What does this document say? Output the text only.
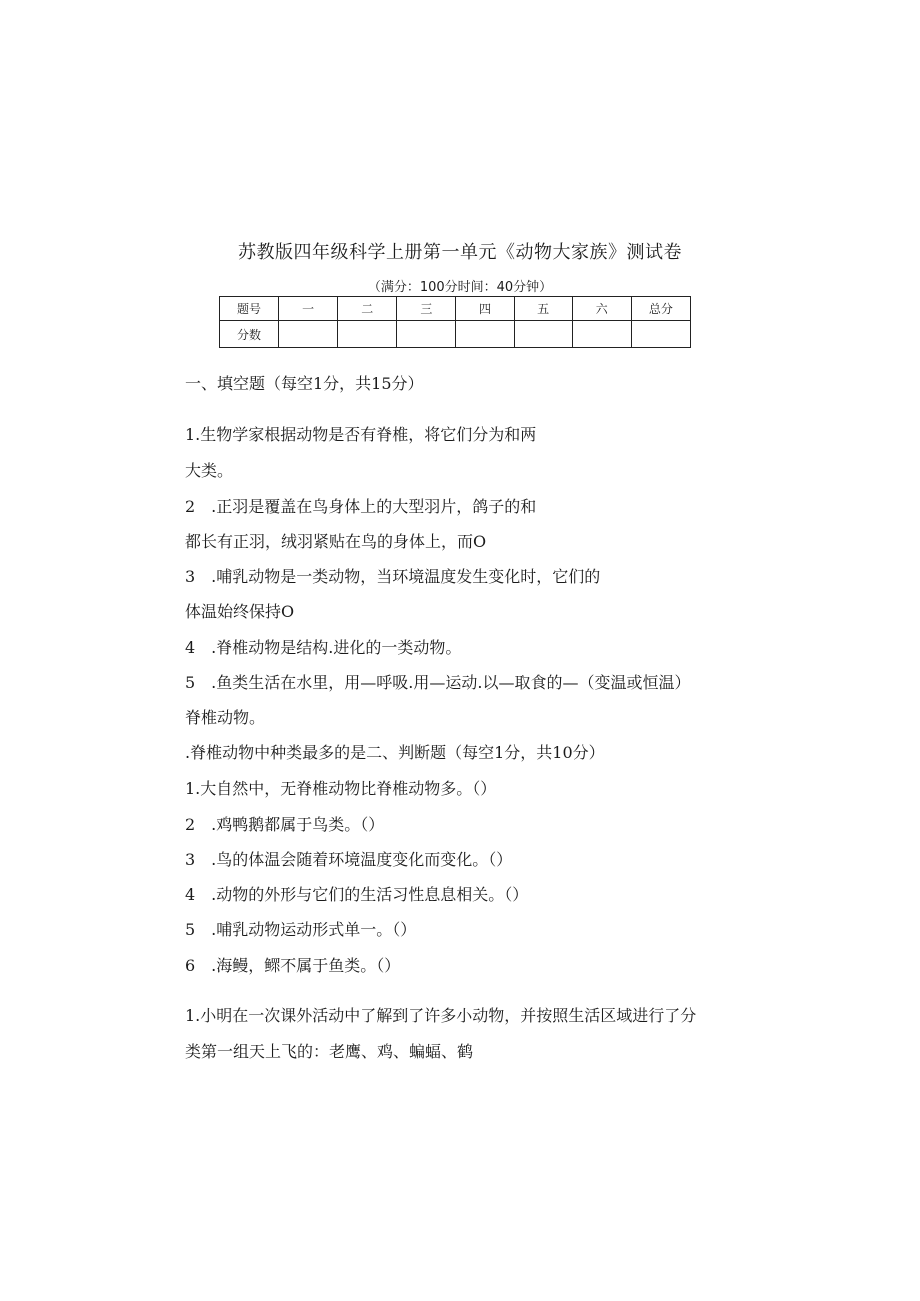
苏教版四年级科学上册第一单元《动物大家族》测试卷
（满分：100分时间：40分钟）
题号	一	二	三	四	五	六	总分
分数							
一、填空题（每空1分，共15分）
1.生物学家根据动物是否有脊椎，将它们分为和两
大类。
2　.正羽是覆盖在鸟身体上的大型羽片，鸽子的和
都长有正羽，绒羽紧贴在鸟的身体上，而O
3　.哺乳动物是一类动物，当环境温度发生变化时，它们的
体温始终保持O
4　.脊椎动物是结构.进化的一类动物。
5　.鱼类生活在水里，用—呼吸.用—运动.以—取食的—（变温或恒温）
脊椎动物。
.脊椎动物中种类最多的是二、判断题（每空1分，共10分）
1.大自然中，无脊椎动物比脊椎动物多。（）
2　.鸡鸭鹅都属于鸟类。（）
3　.鸟的体温会随着环境温度变化而变化。（）
4　.动物的外形与它们的生活习性息息相关。（）
5　.哺乳动物运动形式单一。（）
6　.海鳗，鳏不属于鱼类。（）
1.小明在一次课外活动中了解到了许多小动物，并按照生活区域进行了分
类第一组天上飞的：老鹰、鸡、蝙蝠、鹤
